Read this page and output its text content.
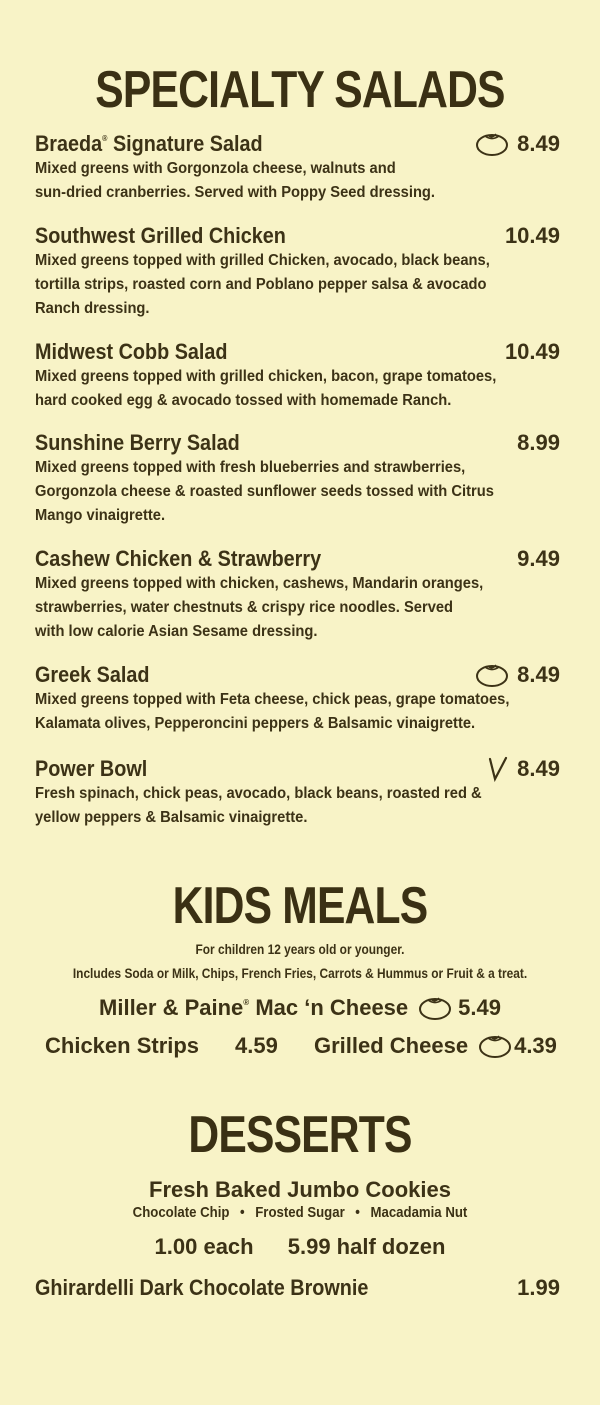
SPECIALTY SALADS
Braeda® Signature Salad	8.49
Mixed greens with Gorgonzola cheese, walnuts and
sun-dried cranberries. Served with Poppy Seed dressing.
Southwest Grilled Chicken	10.49
Mixed greens topped with grilled Chicken, avocado, black beans,
tortilla strips, roasted corn and Poblano pepper salsa & avocado
Ranch dressing.
Midwest Cobb Salad	10.49
Mixed greens topped with grilled chicken, bacon, grape tomatoes,
hard cooked egg & avocado tossed with homemade Ranch.
Sunshine Berry Salad	8.99
Mixed greens topped with fresh blueberries and strawberries,
Gorgonzola cheese & roasted sunflower seeds tossed with Citrus
Mango vinaigrette.
Cashew Chicken & Strawberry	9.49
Mixed greens topped with chicken, cashews, Mandarin oranges,
strawberries, water chestnuts & crispy rice noodles. Served
with low calorie Asian Sesame dressing.
Greek Salad	8.49
Mixed greens topped with Feta cheese, chick peas, grape tomatoes,
Kalamata olives, Pepperoncini peppers & Balsamic vinaigrette.
Power Bowl	8.49
Fresh spinach, chick peas, avocado, black beans, roasted red &
yellow peppers & Balsamic vinaigrette.
KIDS MEALS
For children 12 years old or younger.
Includes Soda or Milk, Chips, French Fries, Carrots & Hummus or Fruit & a treat.
Miller & Paine® Mac ‘n Cheese 5.49
Chicken Strips 4.59 Grilled Cheese 4.39
DESSERTS
Fresh Baked Jumbo Cookies
Chocolate Chip • Frosted Sugar • Macadamia Nut
1.00 each 5.99 half dozen
Ghirardelli Dark Chocolate Brownie	1.99
